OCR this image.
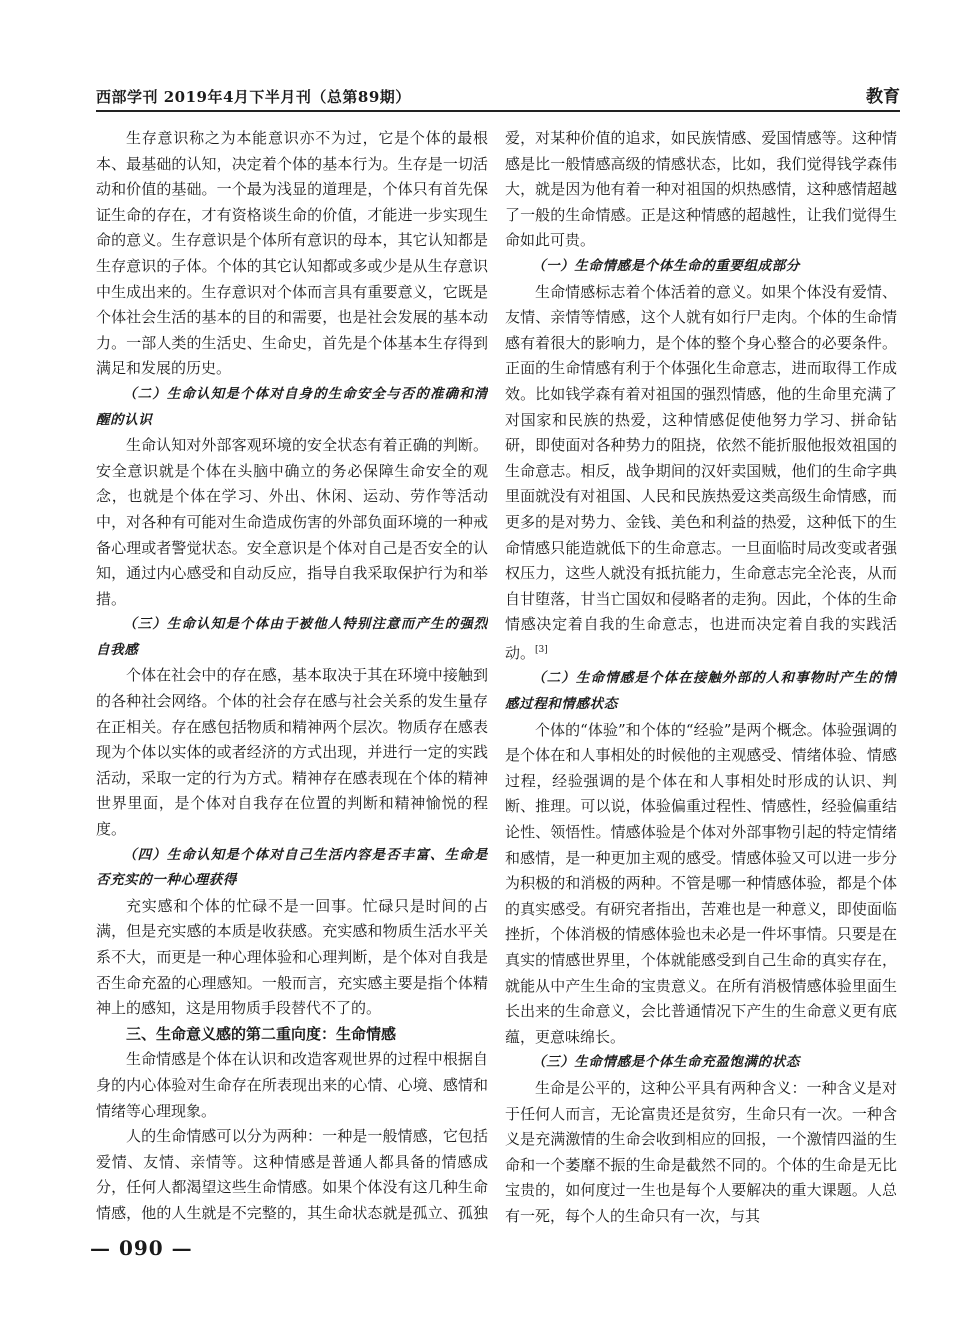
西部学刊 2019年4月下半月刊（总第89期）	教育

生存意识称之为本能意识亦不为过，它是个体的最根本、最基础的认知，决定着个体的基本行为。生存是一切活动和价值的基础。一个最为浅显的道理是，个体只有首先保证生命的存在，才有资格谈生命的价值，才能进一步实现生命的意义。生存意识是个体所有意识的母本，其它认知都是生存意识的子体。个体的其它认知都或多或少是从生存意识中生成出来的。生存意识对个体而言具有重要意义，它既是个体社会生活的基本的目的和需要，也是社会发展的基本动力。一部人类的生活史、生命史，首先是个体基本生存得到满足和发展的历史。

（二）生命认知是个体对自身的生命安全与否的准确和清醒的认识

生命认知对外部客观环境的安全状态有着正确的判断。安全意识就是个体在头脑中确立的务必保障生命安全的观念，也就是个体在学习、外出、休闲、运动、劳作等活动中，对各种有可能对生命造成伤害的外部负面环境的一种戒备心理或者警觉状态。安全意识是个体对自己是否安全的认知，通过内心感受和自动反应，指导自我采取保护行为和举措。

（三）生命认知是个体由于被他人特别注意而产生的强烈自我感

个体在社会中的存在感，基本取决于其在环境中接触到的各种社会网络。个体的社会存在感与社会关系的发生量存在正相关。存在感包括物质和精神两个层次。物质存在感表现为个体以实体的或者经济的方式出现，并进行一定的实践活动，采取一定的行为方式。精神存在感表现在个体的精神世界里面，是个体对自我存在位置的判断和精神愉悦的程度。

（四）生命认知是个体对自己生活内容是否丰富、生命是否充实的一种心理获得

充实感和个体的忙碌不是一回事。忙碌只是时间的占满，但是充实感的本质是收获感。充实感和物质生活水平关系不大，而更是一种心理体验和心理判断，是个体对自我是否生命充盈的心理感知。一般而言，充实感主要是指个体精神上的感知，这是用物质手段替代不了的。

三、生命意义感的第二重向度：生命情感

生命情感是个体在认识和改造客观世界的过程中根据自身的内心体验对生命存在所表现出来的心情、心境、感情和情绪等心理现象。

人的生命情感可以分为两种：一种是一般情感，它包括爱情、友情、亲情等。这种情感是普通人都具备的情感成分，任何人都渴望这些生命情感。如果个体没有这几种生命情感，他的人生就是不完整的，其生命状态就是孤立、孤独

爱，对某种价值的追求，如民族情感、爱国情感等。这种情感是比一般情感高级的情感状态，比如，我们觉得钱学森伟大，就是因为他有着一种对祖国的炽热感情，这种感情超越了一般的生命情感。正是这种情感的超越性，让我们觉得生命如此可贵。

（一）生命情感是个体生命的重要组成部分

生命情感标志着个体活着的意义。如果个体没有爱情、友情、亲情等情感，这个人就有如行尸走肉。个体的生命情感有着很大的影响力，是个体的整个身心整合的必要条件。正面的生命情感有利于个体强化生命意志，进而取得工作成效。比如钱学森有着对祖国的强烈情感，他的生命里充满了对国家和民族的热爱，这种情感促使他努力学习、拼命钻研，即使面对各种势力的阻挠，依然不能折服他报效祖国的生命意志。相反，战争期间的汉奸卖国贼，他们的生命字典里面就没有对祖国、人民和民族热爱这类高级生命情感，而更多的是对势力、金钱、美色和利益的热爱，这种低下的生命情感只能造就低下的生命意志。一旦面临时局改变或者强权压力，这些人就没有抵抗能力，生命意志完全沦丧，从而自甘堕落，甘当亡国奴和侵略者的走狗。因此，个体的生命情感决定着自我的生命意志，也进而决定着自我的实践活动。[3]

（二）生命情感是个体在接触外部的人和事物时产生的情感过程和情感状态

个体的“体验”和个体的“经验”是两个概念。体验强调的是个体在和人事相处的时候他的主观感受、情绪体验、情感过程，经验强调的是个体在和人事相处时形成的认识、判断、推理。可以说，体验偏重过程性、情感性，经验偏重结论性、领悟性。情感体验是个体对外部事物引起的特定情绪和感情，是一种更加主观的感受。情感体验又可以进一步分为积极的和消极的两种。不管是哪一种情感体验，都是个体的真实感受。有研究者指出，苦难也是一种意义，即使面临挫折，个体消极的情感体验也未必是一件坏事情。只要是在真实的情感世界里，个体就能感受到自己生命的真实存在，就能从中产生生命的宝贵意义。在所有消极情感体验里面生长出来的生命意义，会比普通情况下产生的生命意义更有底蕴，更意味绵长。

（三）生命情感是个体生命充盈饱满的状态

生命是公平的，这种公平具有两种含义：一种含义是对于任何人而言，无论富贵还是贫穷，生命只有一次。一种含义是充满激情的生命会收到相应的回报，一个激情四溢的生命和一个萎靡不振的生命是截然不同的。个体的生命是无比宝贵的，如何度过一生也是每个人要解决的重大课题。人总有一死，每个人的生命只有一次，与其

— 090 —
